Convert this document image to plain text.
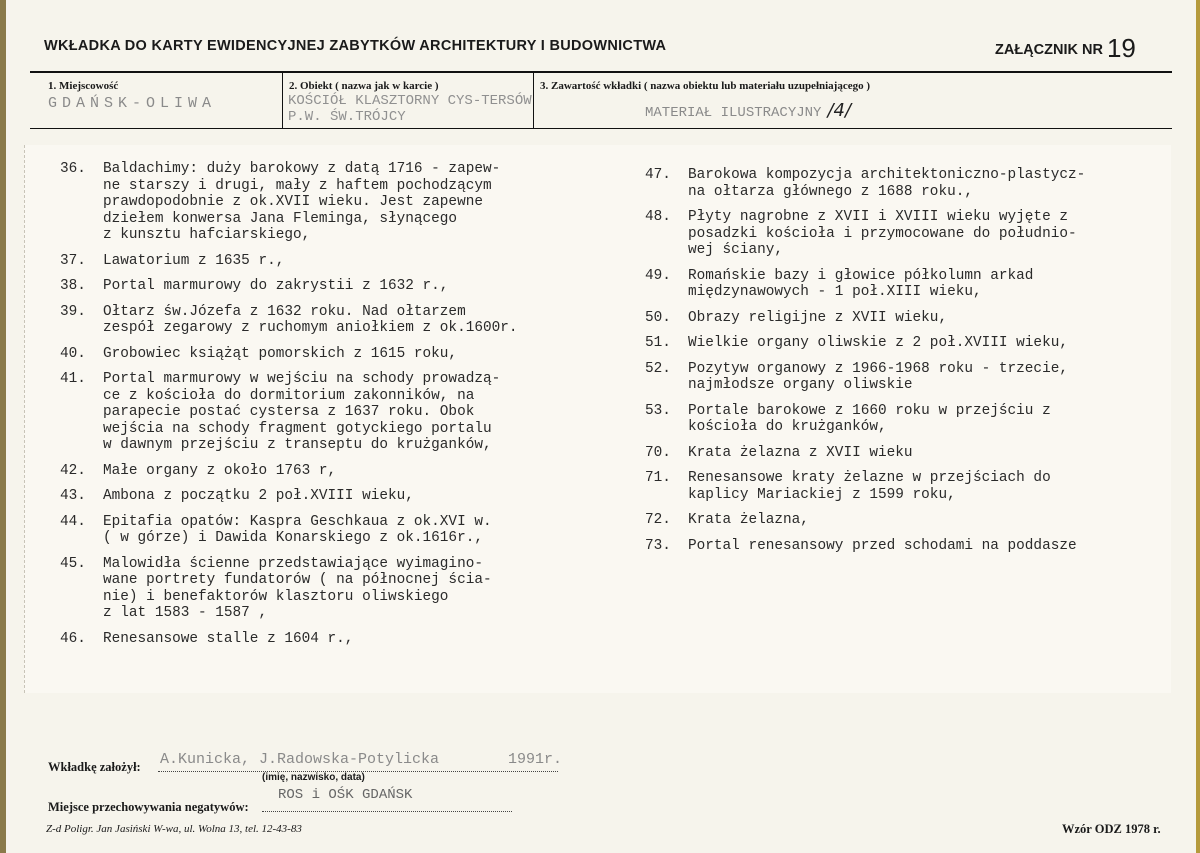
WKŁADKA DO KARTY EWIDENCYJNEJ ZABYTKÓW ARCHITEKTURY I BUDOWNICTWA	ZAŁĄCZNIK NR 19
1. Miejscowość	2. Obiekt ( nazwa jak w karcie )	3. Zawartość wkładki ( nazwa obiektu lub materiału uzupełniającego )
GDAŃSK-OLIWA	KOŚCIÓŁ KLASZTORNY CYS-TERSÓW P.W. ŚW.TRÓJCY	MATERIAŁ ILUSTRACYJNY /4/
36.	Baldachimy: duży barokowy z datą 1716 - zapew-
ne starszy i drugi, mały z haftem pochodzącym
prawdopodobnie z ok.XVII wieku. Jest zapewne
dziełem konwersa Jana Fleminga, słynącego
z kunsztu hafciarskiego,
37.	Lawatorium z 1635 r.,
38.	Portal marmurowy do zakrystii z 1632 r.,
39.	Ołtarz św.Józefa z 1632 roku. Nad ołtarzem
zespół zegarowy z ruchomym aniołkiem z ok.1600r.
40.	Grobowiec książąt pomorskich z 1615 roku,
41.	Portal marmurowy w wejściu na schody prowadzą-
ce z kościoła do dormitorium zakonników, na
parapecie postać cystersa z 1637 roku. Obok
wejścia na schody fragment gotyckiego portalu
w dawnym przejściu z transeptu do krużganków,
42.	Małe organy z około 1763 r,
43.	Ambona z początku 2 poł.XVIII wieku,
44.	Epitafia opatów: Kaspra Geschkaua z ok.XVI w.
( w górze) i Dawida Konarskiego z ok.1616r.,
45.	Malowidła ścienne przedstawiające wyimagino-
wane portrety fundatorów ( na północnej ścia-
nie) i benefaktorów klasztoru oliwskiego
z lat 1583 - 1587 ,
46.	Renesansowe stalle z 1604 r.,
47.	Barokowa kompozycja architektoniczno-plastycz-
na ołtarza głównego z 1688 roku.,
48.	Płyty nagrobne z XVII i XVIII wieku wyjęte z
posadzki kościoła i przymocowane do południo-
wej ściany,
49.	Romańskie bazy i głowice półkolumn arkad
międzynawowych - 1 poł.XIII wieku,
50.	Obrazy religijne z XVII wieku,
51.	Wielkie organy oliwskie z 2 poł.XVIII wieku,
52.	Pozytyw organowy z 1966-1968 roku - trzecie,
najmłodsze organy oliwskie
53.	Portale barokowe z 1660 roku w przejściu z
kościoła do krużganków,
70.	Krata żelazna z XVII wieku
71.	Renesansowe kraty żelazne w przejściach do
kaplicy Mariackiej z 1599 roku,
72.	Krata żelazna,
73.	Portal renesansowy przed schodami na poddasze
Wkładkę założył: A.Kunicka, J.Radowska-Potylicka	1991r.
(imię, nazwisko, data)
Miejsce przechowywania negatywów:
ROS i OŚK GDAŃSK
Z-d Poligr. Jan Jasiński W-wa, ul. Wolna 13, tel. 12-43-83	Wzór ODZ 1978 r.
